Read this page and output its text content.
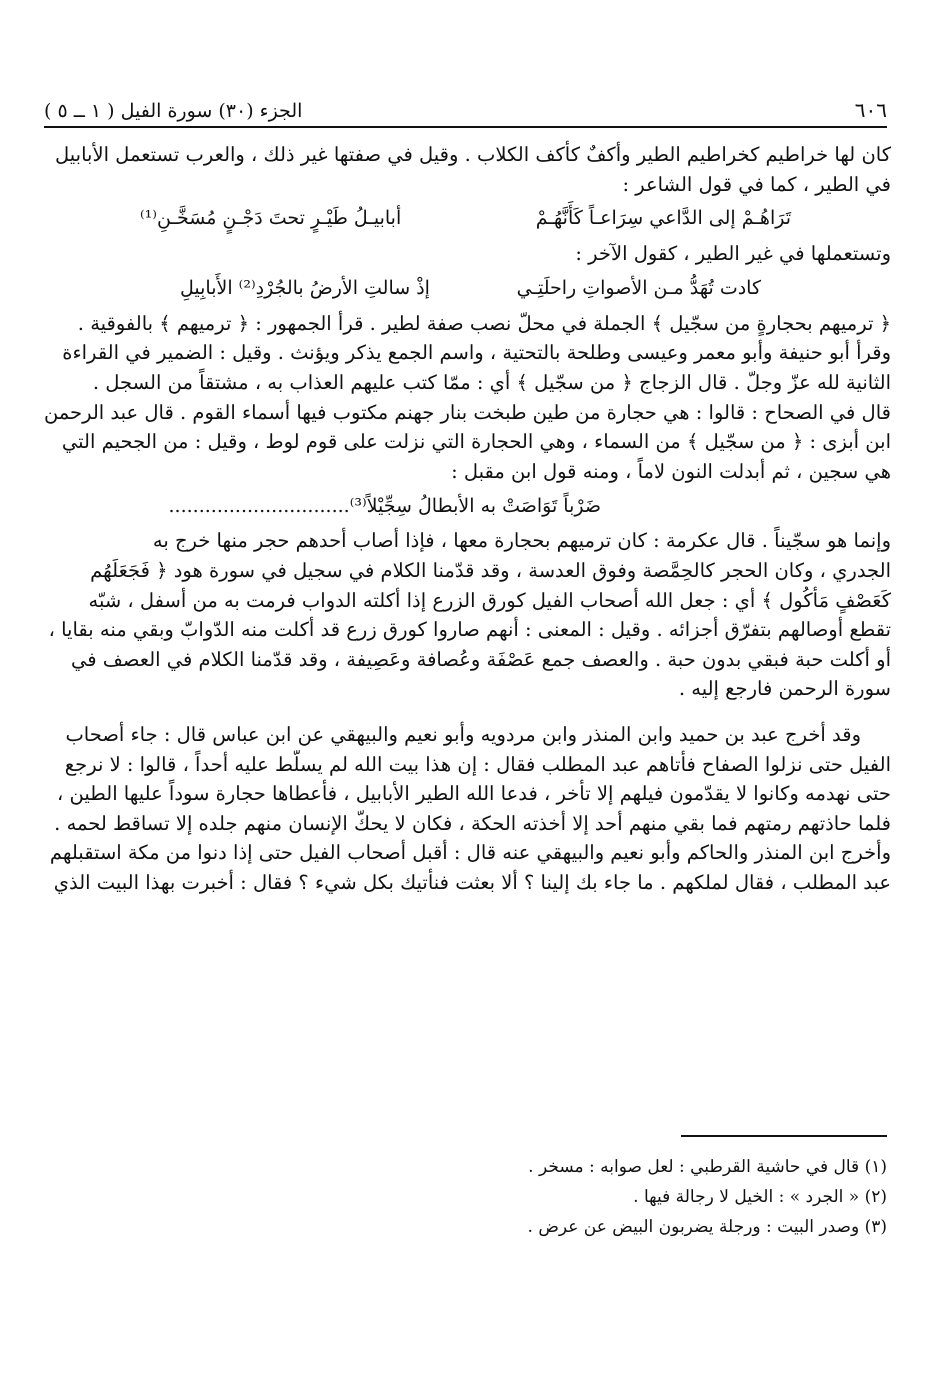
٦٠٦
الجزء (٣٠) سورة الفيل ( ١ ــ ٥ )
كان لها خراطيم كخراطيم الطير وأكفٌ كأكف الكلاب . وقيل في صفتها غير ذلك ، والعرب تستعمل الأبابيل
في الطير ، كما في قول الشاعر :
تَرَاهُـمْ إلى الدَّاعي سِرَاعـاً كَأَنَّهُـمْ
أبابيـلُ طَيْـرٍ تحتَ دَجْـنٍ مُسَخَّـنِ⁽¹⁾
وتستعملها في غير الطير ، كقول الآخر :
كادت تُهَدُّ مـن الأصواتِ راحلَتِـي
إذْ سالتِ الأرضُ بالجُرْدِ⁽²⁾ الأَبابِيلِ
﴿ ترميهم بحجارةٍ من سجّيل ﴾ الجملة في محلّ نصب صفة لطير . قرأ الجمهور : ﴿ ترميهم ﴾ بالفوقية .
وقرأ أبو حنيفة وأبو معمر وعيسى وطلحة بالتحتية ، واسم الجمع يذكر ويؤنث . وقيل : الضمير في القراءة
الثانية لله عزّ وجلّ . قال الزجاج ﴿ من سجّيل ﴾ أي : ممّا كتب عليهم العذاب به ، مشتقاً من السجل .
قال في الصحاح : قالوا : هي حجارة من طين طبخت بنار جهنم مكتوب فيها أسماء القوم . قال عبد الرحمن
ابن أبزى : ﴿ من سجّيل ﴾ من السماء ، وهي الحجارة التي نزلت على قوم لوط ، وقيل : من الجحيم التي
هي سجين ، ثم أبدلت النون لاماً ، ومنه قول ابن مقبل :
ضَرْباً تَوَاصَتْ به الأبطالُ سِجِّيْلاً⁽³⁾
..............................
وإنما هو سجّيناً . قال عكرمة : كان ترميهم بحجارة معها ، فإذا أصاب أحدهم حجر منها خرج به
الجدري ، وكان الحجر كالحِمَّصة وفوق العدسة ، وقد قدّمنا الكلام في سجيل في سورة هود ﴿ فَجَعَلَهُم
كَعَصْفٍ مَأْكُول ﴾ أي : جعل الله أصحاب الفيل كورق الزرع إذا أكلته الدواب فرمت به من أسفل ، شبّه
تقطع أوصالهم بتفرّق أجزائه . وقيل : المعنى : أنهم صاروا كورق زرع قد أكلت منه الدّوابّ وبقي منه بقايا ،
أو أكلت حبة فبقي بدون حبة . والعصف جمع عَصْفَة وعُصافة وعَصِيفة ، وقد قدّمنا الكلام في العصف في
سورة الرحمن فارجع إليه .
وقد أخرج عبد بن حميد وابن المنذر وابن مردويه وأبو نعيم والبيهقي عن ابن عباس قال : جاء أصحاب
الفيل حتى نزلوا الصفاح فأتاهم عبد المطلب فقال : إن هذا بيت الله لم يسلّط عليه أحداً ، قالوا : لا نرجع
حتى نهدمه وكانوا لا يقدّمون فيلهم إلا تأخر ، فدعا الله الطير الأبابيل ، فأعطاها حجارة سوداً عليها الطين ،
فلما حاذتهم رمتهم فما بقي منهم أحد إلا أخذته الحكة ، فكان لا يحكّ الإنسان منهم جلده إلا تساقط لحمه .
وأخرج ابن المنذر والحاكم وأبو نعيم والبيهقي عنه قال : أقبل أصحاب الفيل حتى إذا دنوا من مكة استقبلهم
عبد المطلب ، فقال لملكهم . ما جاء بك إلينا ؟ ألا بعثت فنأتيك بكل شيء ؟ فقال : أخبرت بهذا البيت الذي
(١) قال في حاشية القرطبي : لعل صوابه : مسخر .
(٢) « الجرد » : الخيل لا رجالة فيها .
(٣) وصدر البيت : ورجلة يضربون البيض عن عرض .
